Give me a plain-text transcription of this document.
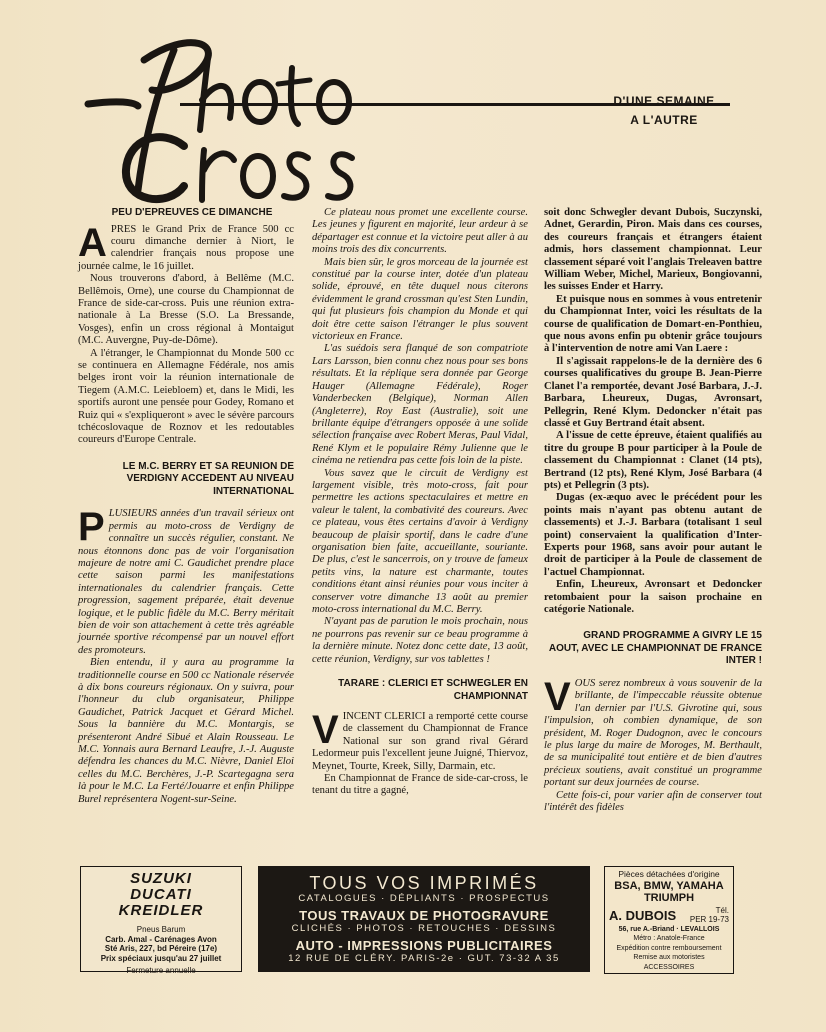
Photo Cross
D'UNE SEMAINE
A L'AUTRE

PEU D'EPREUVES CE DIMANCHE

APRES le Grand Prix de France 500 cc couru dimanche dernier à Niort, le calendrier français nous propose une journée calme, le 16 juillet.

Nous trouverons d'abord, à Bellême (M.C. Bellêmois, Orne), une course du Championnat de France de side-car-cross. Puis une réunion extra-nationale à La Bresse (S.O. La Bressande, Vosges), enfin un cross régional à Montaigut (M.C. Auvergne, Puy-de-Dôme).

A l'étranger, le Championnat du Monde 500 cc se continuera en Allemagne Fédérale, nos amis belges iront voir la réunion internationale de Tiegem (A.M.C. Leiebloem) et, dans le Midi, les sportifs auront une pensée pour Godey, Romano et Ruiz qui « s'expliqueront » avec le sévère parcours tchécoslovaque de Roznov et les redoutables coureurs d'Europe Centrale.

LE M.C. BERRY ET SA REUNION DE VERDIGNY ACCEDENT AU NIVEAU INTERNATIONAL

PLUSIEURS années d'un travail sérieux ont permis au moto-cross de Verdigny de connaître un succès régulier, constant. Ne nous étonnons donc pas de voir l'organisation majeure de notre ami C. Gaudichet prendre place cette saison parmi les manifestations internationales du calendrier français. Cette progression, sagement préparée, était devenue logique, et le public fidèle du M.C. Berry méritait bien de voir son attachement à cette très agréable journée sportive récompensé par un nouvel effort des promoteurs.

Bien entendu, il y aura au programme la traditionnelle course en 500 cc Nationale réservée à dix bons coureurs régionaux. On y suivra, pour l'honneur du club organisateur, Philippe Gaudichet, Patrick Jacquet et Gérard Michel. Sous la bannière du M.C. Montargis, se présenteront André Sibué et Alain Rousseau. Le M.C. Yonnais aura Bernard Leaufre, J.-J. Auguste défendra les chances du M.C. Nièvre, Daniel Eloi celles du M.C. Berchères, J.-P. Scartegagna sera là pour le M.C. La Ferté/Jouarre et enfin Philippe Burel représentera Nogent-sur-Seine.

Ce plateau nous promet une excellente course. Les jeunes y figurent en majorité, leur ardeur à se départager est connue et la victoire peut aller à au moins trois des dix concurrents.

Mais bien sûr, le gros morceau de la journée est constitué par la course inter, dotée d'un plateau solide, éprouvé, en tête duquel nous citerons évidemment le grand crossman qu'est Sten Lundin, qui fut plusieurs fois champion du Monde et qui doit être cette saison l'étranger le plus souvent victorieux en France.

L'as suédois sera flanqué de son compatriote Lars Larsson, bien connu chez nous pour ses bons résultats. Et la réplique sera donnée par George Hauger (Allemagne Fédérale), Roger Vanderbecken (Belgique), Norman Allen (Angleterre), Roy East (Australie), soit une brillante équipe d'étrangers opposée à une solide sélection française avec Robert Meras, Paul Vidal, René Klym et le populaire Rémy Julienne que le cinéma ne retiendra pas cette fois loin de la piste.

Vous savez que le circuit de Verdigny est largement visible, très moto-cross, fait pour permettre les actions spectaculaires et mettre en valeur le talent, la combativité des coureurs. Avec ce plateau, vous êtes certains d'avoir à Verdigny beaucoup de plaisir sportif, dans le cadre d'une organisation bien faite, accueillante, souriante. De plus, c'est le sancerrois, on y trouve de fameux petits vins, la nature est charmante, toutes conditions étant ainsi réunies pour vous inciter à conserver votre dimanche 13 août au premier moto-cross international du M.C. Berry.

N'ayant pas de parution le mois prochain, nous ne pourrons pas revenir sur ce beau programme à la dernière minute. Notez donc cette date, 13 août, cette réunion, Verdigny, sur vos tablettes !

TARARE : CLERICI ET SCHWEGLER EN CHAMPIONNAT

VINCENT CLERICI a remporté cette course de classement du Championnat de France National sur son grand rival Gérard Ledormeur puis l'excellent jeune Juigné, Thiervoz, Meynet, Tourte, Kreek, Silly, Darmain, etc.

En Championnat de France de side-car-cross, le tenant du titre a gagné,

soit donc Schwegler devant Dubois, Suczynski, Adnet, Gerardin, Piron. Mais dans ces courses, des coureurs français et étrangers étaient admis, hors classement championnat. Leur classement séparé voit l'anglais Treleaven battre William Weber, Michel, Marieux, Bongiovanni, les suisses Ender et Harry.

Et puisque nous en sommes à vous entretenir du Championnat Inter, voici les résultats de la course de qualification de Domart-en-Ponthieu, que nous avons enfin pu obtenir grâce toujours à l'intervention de notre ami Van Laere :

Il s'agissait rappelons-le de la dernière des 6 courses qualificatives du groupe B. Jean-Pierre Clanet l'a remportée, devant José Barbara, J.-J. Barbara, Lheureux, Dugas, Avronsart, Pellegrin, René Klym. Dedoncker n'était pas classé et Guy Bertrand était absent.

A l'issue de cette épreuve, étaient qualifiés au titre du groupe B pour participer à la Poule de classement du Championnat : Clanet (14 pts), Bertrand (12 pts), René Klym, José Barbara (4 pts) et Pellegrin (3 pts).

Dugas (ex-æquo avec le précédent pour les points mais n'ayant pas obtenu autant de classements) et J.-J. Barbara (totalisant 1 seul point) conservaient la qualification d'Inter-Experts pour 1968, sans avoir pour autant le droit de participer à la Poule de classement de l'actuel Championnat.

Enfin, Lheureux, Avronsart et Dedoncker retombaient pour la saison prochaine en catégorie Nationale.

GRAND PROGRAMME A GIVRY LE 15 AOUT, AVEC LE CHAMPIONNAT DE FRANCE INTER !

VOUS serez nombreux à vous souvenir de la brillante, de l'impeccable réussite obtenue l'an dernier par l'U.S. Givrotine qui, sous l'impulsion, oh combien dynamique, de son président, M. Roger Dudognon, avec le concours le plus large du maire de Moroges, M. Berthault, de sa municipalité tout entière et de bien d'autres précieux soutiens, avait constitué un programme portant sur deux journées de course.

Cette fois-ci, pour varier afin de conserver tout l'intérêt des fidèles

SUZUKI
DUCATI
KREIDLER
Pneus Barum
Carb. Amal - Carénages Avon
Sté Aris, 227, bd Péreire (17e)
Prix spéciaux jusqu'au 27 juillet
Fermeture annuelle
TOUS VOS IMPRIMÉS
CATALOGUES · DÉPLIANTS · PROSPECTUS
TOUS TRAVAUX DE PHOTOGRAVURE
CLICHÉS · PHOTOS · RETOUCHES · DESSINS
AUTO - IMPRESSIONS PUBLICITAIRES
12 RUE DE CLÉRY. PARIS-2e · GUT. 73-32 A 35
Pièces détachées d'origine
BSA, BMW, YAMAHA
TRIUMPH
A. DUBOIS	Tél.
PER 19-73
56, rue A.-Briand · LEVALLOIS
Métro : Anatole-France
Expédition contre remboursement
Remise aux motoristes
ACCESSOIRES
